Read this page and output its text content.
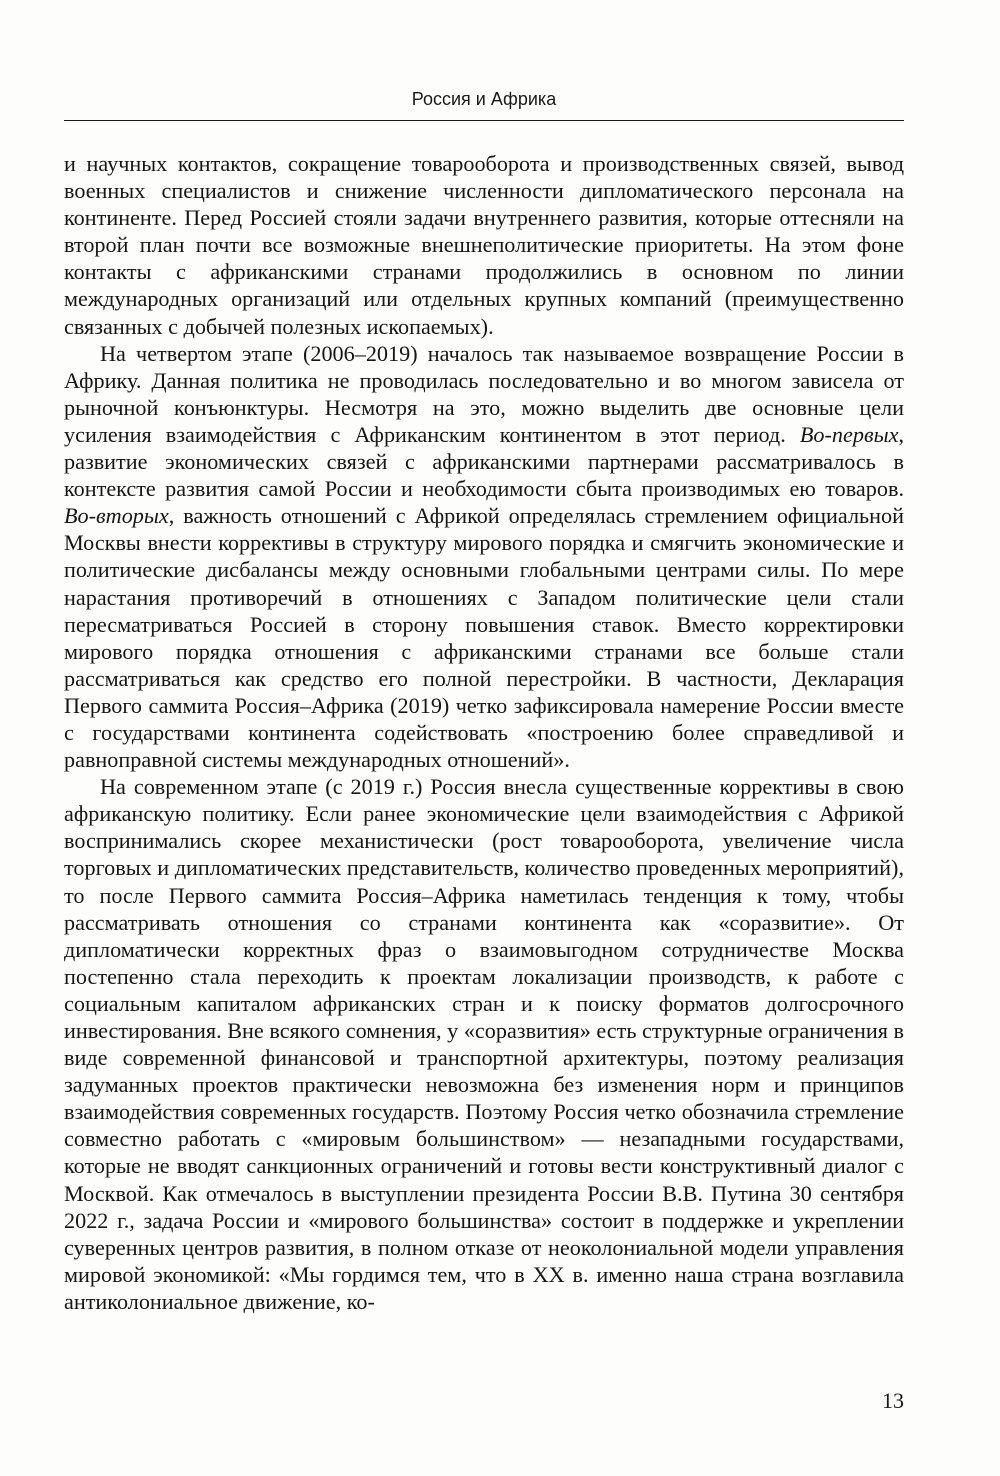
Россия и Африка

и научных контактов, сокращение товарооборота и производственных связей, вывод военных специалистов и снижение численности дипломатического персонала на континенте. Перед Россией стояли задачи внутреннего развития, которые оттесняли на второй план почти все возможные внешнеполитические приоритеты. На этом фоне контакты с африканскими странами продолжились в основном по линии международных организаций или отдельных крупных компаний (преимущественно связанных с добычей полезных ископаемых).

На четвертом этапе (2006–2019) началось так называемое возвращение России в Африку. Данная политика не проводилась последовательно и во многом зависела от рыночной конъюнктуры. Несмотря на это, можно выделить две основные цели усиления взаимодействия с Африканским континентом в этот период. Во-первых, развитие экономических связей с африканскими партнерами рассматривалось в контексте развития самой России и необходимости сбыта производимых ею товаров. Во-вторых, важность отношений с Африкой определялась стремлением официальной Москвы внести коррективы в структуру мирового порядка и смягчить экономические и политические дисбалансы между основными глобальными центрами силы. По мере нарастания противоречий в отношениях с Западом политические цели стали пересматриваться Россией в сторону повышения ставок. Вместо корректировки мирового порядка отношения с африканскими странами все больше стали рассматриваться как средство его полной перестройки. В частности, Декларация Первого саммита Россия–Африка (2019) четко зафиксировала намерение России вместе с государствами континента содействовать «построению более справедливой и равноправной системы международных отношений».

На современном этапе (с 2019 г.) Россия внесла существенные коррективы в свою африканскую политику. Если ранее экономические цели взаимодействия с Африкой воспринимались скорее механистически (рост товарооборота, увеличение числа торговых и дипломатических представительств, количество проведенных мероприятий), то после Первого саммита Россия–Африка наметилась тенденция к тому, чтобы рассматривать отношения со странами континента как «соразвитие». От дипломатически корректных фраз о взаимовыгодном сотрудничестве Москва постепенно стала переходить к проектам локализации производств, к работе с социальным капиталом африканских стран и к поиску форматов долгосрочного инвестирования. Вне всякого сомнения, у «соразвития» есть структурные ограничения в виде современной финансовой и транспортной архитектуры, поэтому реализация задуманных проектов практически невозможна без изменения норм и принципов взаимодействия современных государств. Поэтому Россия четко обозначила стремление совместно работать с «мировым большинством» — незападными государствами, которые не вводят санкционных ограничений и готовы вести конструктивный диалог с Москвой. Как отмечалось в выступлении президента России В.В. Путина 30 сентября 2022 г., задача России и «мирового большинства» состоит в поддержке и укреплении суверенных центров развития, в полном отказе от неоколониальной модели управления мировой экономикой: «Мы гордимся тем, что в XX в. именно наша страна возглавила антиколониальное движение, ко-

13
